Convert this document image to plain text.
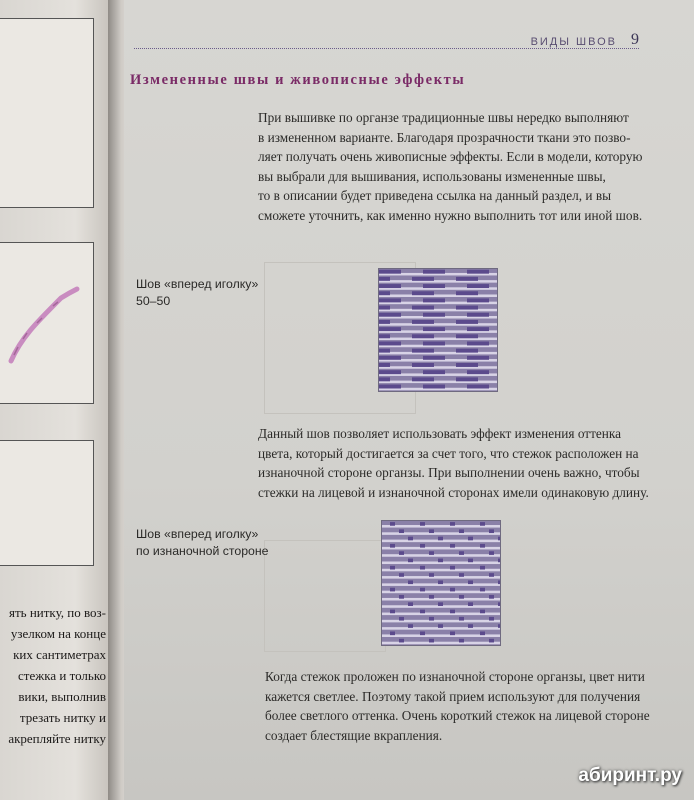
ять нитку, по воз-
узелком на конце
ких сантиметрах
стежка и только
вики, выполнив
трезать нитку и
акрепляйте нитку
ВИДЫ ШВОВ 9
Измененные швы и живописные эффекты
При вышивке по органзе традиционные швы нередко выполняют
в измененном варианте. Благодаря прозрачности ткани это позво-
ляет получать очень живописные эффекты. Если в модели, которую
вы выбрали для вышивания, использованы измененные швы,
то в описании будет приведена ссылка на данный раздел, и вы
сможете уточнить, как именно нужно выполнить тот или иной шов.
Шов «вперед иголку»
50–50
Данный шов позволяет использовать эффект изменения оттенка
цвета, который достигается за счет того, что стежок расположен на
изнаночной стороне органзы. При выполнении очень важно, чтобы
стежки на лицевой и изнаночной сторонах имели одинаковую длину.
Шов «вперед иголку»
по изнаночной стороне
Когда стежок проложен по изнаночной стороне органзы, цвет нити
кажется светлее. Поэтому такой прием используют для получения
более светлого оттенка. Очень короткий стежок на лицевой стороне
создает блестящие вкрапления.
абиринт.ру
